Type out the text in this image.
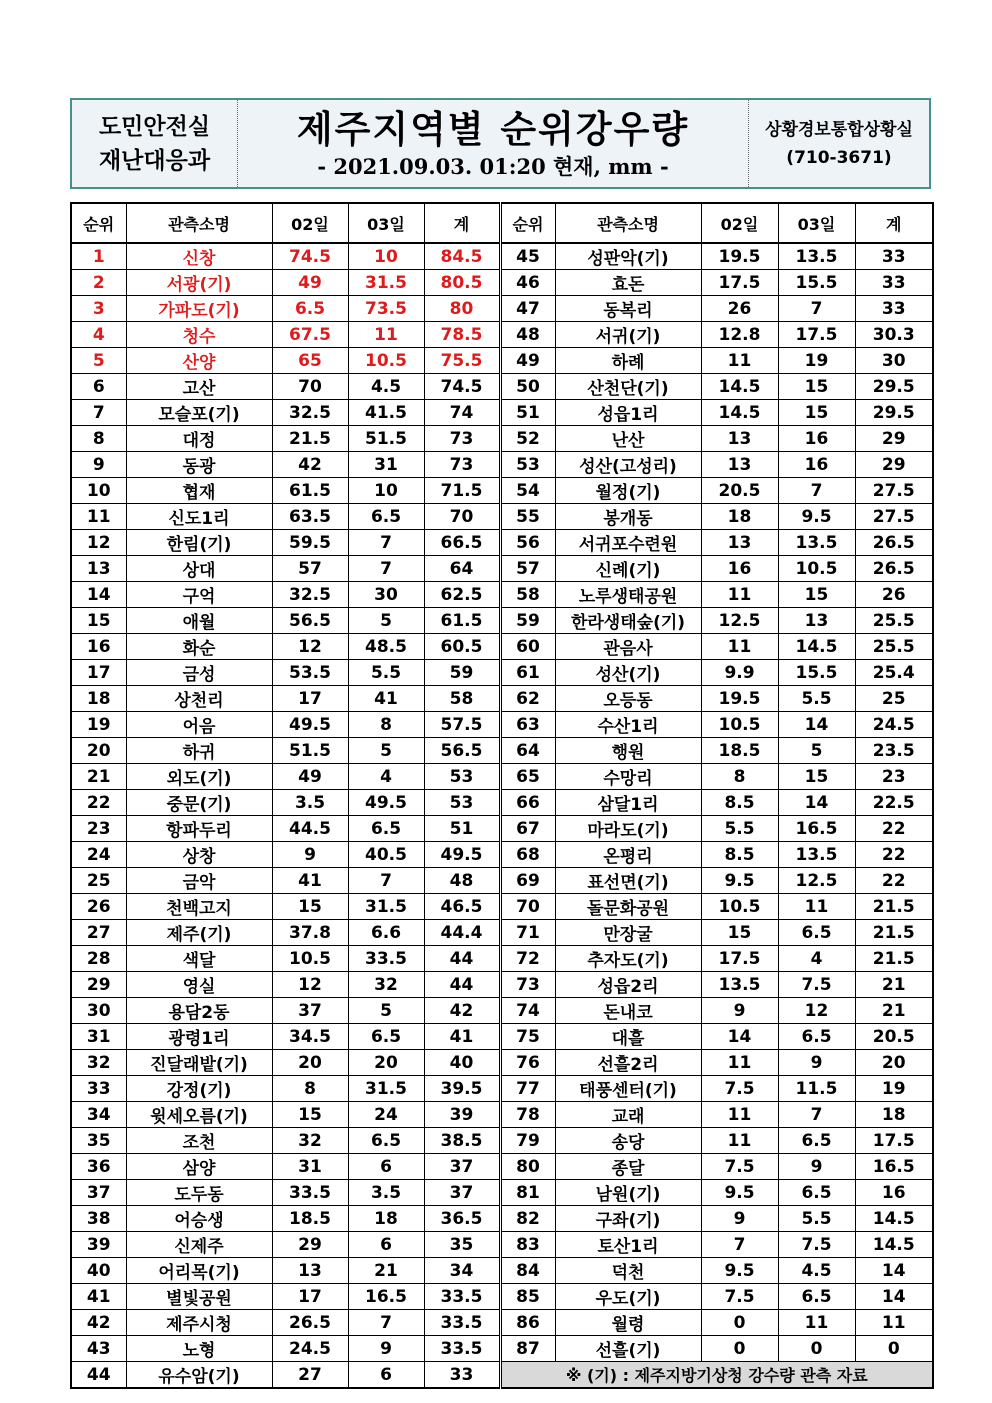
도민안전실
재난대응과
제주지역별 순위강우량
- 2021.09.03. 01:20 현재, mm -
상황경보통합상황실
(710-3671)
순위	관측소명	02일	03일	계	순위	관측소명	02일	03일	계
1	신창	74.5	10	84.5	45	성판악(기)	19.5	13.5	33
2	서광(기)	49	31.5	80.5	46	효돈	17.5	15.5	33
3	가파도(기)	6.5	73.5	80	47	동복리	26	7	33
4	청수	67.5	11	78.5	48	서귀(기)	12.8	17.5	30.3
5	산양	65	10.5	75.5	49	하례	11	19	30
6	고산	70	4.5	74.5	50	산천단(기)	14.5	15	29.5
7	모슬포(기)	32.5	41.5	74	51	성읍1리	14.5	15	29.5
8	대정	21.5	51.5	73	52	난산	13	16	29
9	동광	42	31	73	53	성산(고성리)	13	16	29
10	협재	61.5	10	71.5	54	월정(기)	20.5	7	27.5
11	신도1리	63.5	6.5	70	55	봉개동	18	9.5	27.5
12	한림(기)	59.5	7	66.5	56	서귀포수련원	13	13.5	26.5
13	상대	57	7	64	57	신례(기)	16	10.5	26.5
14	구억	32.5	30	62.5	58	노루생태공원	11	15	26
15	애월	56.5	5	61.5	59	한라생태숲(기)	12.5	13	25.5
16	화순	12	48.5	60.5	60	관음사	11	14.5	25.5
17	금성	53.5	5.5	59	61	성산(기)	9.9	15.5	25.4
18	상천리	17	41	58	62	오등동	19.5	5.5	25
19	어음	49.5	8	57.5	63	수산1리	10.5	14	24.5
20	하귀	51.5	5	56.5	64	행원	18.5	5	23.5
21	외도(기)	49	4	53	65	수망리	8	15	23
22	중문(기)	3.5	49.5	53	66	삼달1리	8.5	14	22.5
23	항파두리	44.5	6.5	51	67	마라도(기)	5.5	16.5	22
24	상창	9	40.5	49.5	68	온평리	8.5	13.5	22
25	금악	41	7	48	69	표선면(기)	9.5	12.5	22
26	천백고지	15	31.5	46.5	70	돌문화공원	10.5	11	21.5
27	제주(기)	37.8	6.6	44.4	71	만장굴	15	6.5	21.5
28	색달	10.5	33.5	44	72	추자도(기)	17.5	4	21.5
29	영실	12	32	44	73	성읍2리	13.5	7.5	21
30	용담2동	37	5	42	74	돈내코	9	12	21
31	광령1리	34.5	6.5	41	75	대흘	14	6.5	20.5
32	진달래밭(기)	20	20	40	76	선흘2리	11	9	20
33	강정(기)	8	31.5	39.5	77	태풍센터(기)	7.5	11.5	19
34	윗세오름(기)	15	24	39	78	교래	11	7	18
35	조천	32	6.5	38.5	79	송당	11	6.5	17.5
36	삼양	31	6	37	80	종달	7.5	9	16.5
37	도두동	33.5	3.5	37	81	남원(기)	9.5	6.5	16
38	어승생	18.5	18	36.5	82	구좌(기)	9	5.5	14.5
39	신제주	29	6	35	83	토산1리	7	7.5	14.5
40	어리목(기)	13	21	34	84	덕천	9.5	4.5	14
41	별빛공원	17	16.5	33.5	85	우도(기)	7.5	6.5	14
42	제주시청	26.5	7	33.5	86	월령	0	11	11
43	노형	24.5	9	33.5	87	선흘(기)	0	0	0
44	유수암(기)	27	6	33	※ (기) : 제주지방기상청 강수량 관측 자료				
